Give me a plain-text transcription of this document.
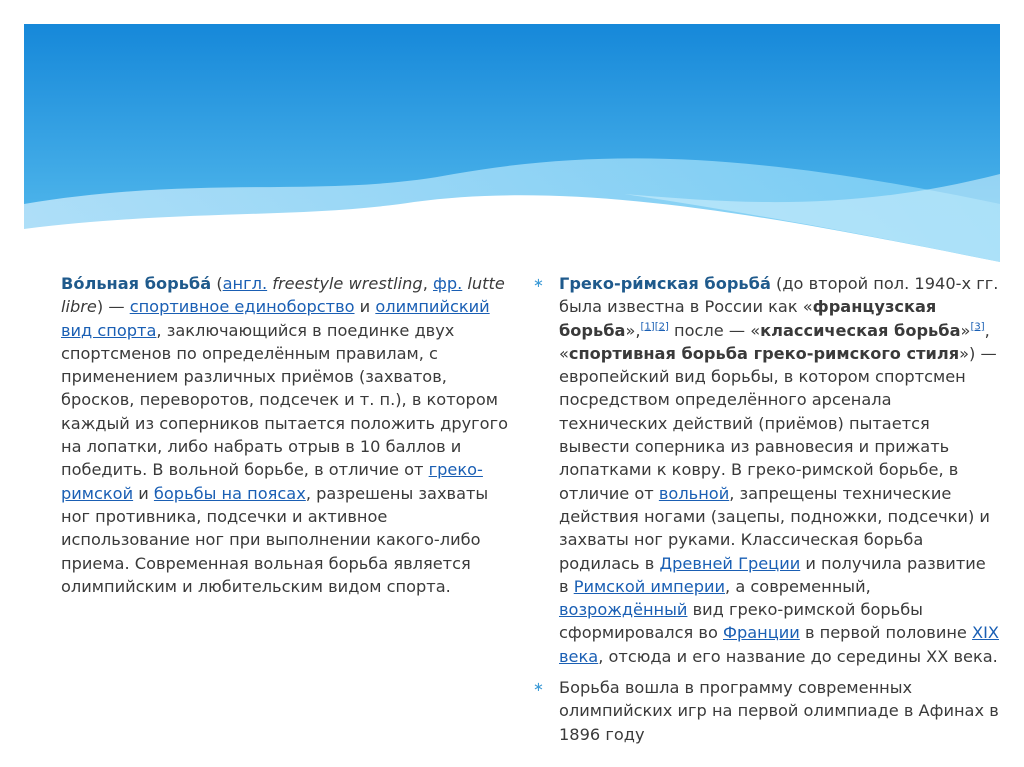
Во́льная борьба́ (англ. freestyle wrestling, фр. lutte libre) — спортивное единоборство и олимпийский вид спорта, заключающийся в поединке двух спортсменов по определённым правилам, с применением различных приёмов (захватов, бросков, переворотов, подсечек и т. п.), в котором каждый из соперников пытается положить другого на лопатки, либо набрать отрыв в 10 баллов и победить. В вольной борьбе, в отличие от греко-римской и борьбы на поясах, разрешены захваты ног противника, подсечки и активное использование ног при выполнении какого-либо приема. Современная вольная борьба является олимпийским и любительским видом спорта.

∗ Греко-ри́мская борьба́ (до второй пол. 1940-х гг. была известна в России как «французская борьба»,[1][2] после — «классическая борьба»[3], «спортивная борьба греко-римского стиля») — европейский вид борьбы, в котором спортсмен посредством определённого арсенала технических действий (приёмов) пытается вывести соперника из равновесия и прижать лопатками к ковру. В греко-римской борьбе, в отличие от вольной, запрещены технические действия ногами (зацепы, подножки, подсечки) и захваты ног руками. Классическая борьба родилась в Древней Греции и получила развитие в Римской империи, а современный, возрождённый вид греко-римской борьбы сформировался во Франции в первой половине XIX века, отсюда и его название до середины XX века.

∗ Борьба вошла в программу современных олимпийских игр на первой олимпиаде в Афинах в 1896 году
